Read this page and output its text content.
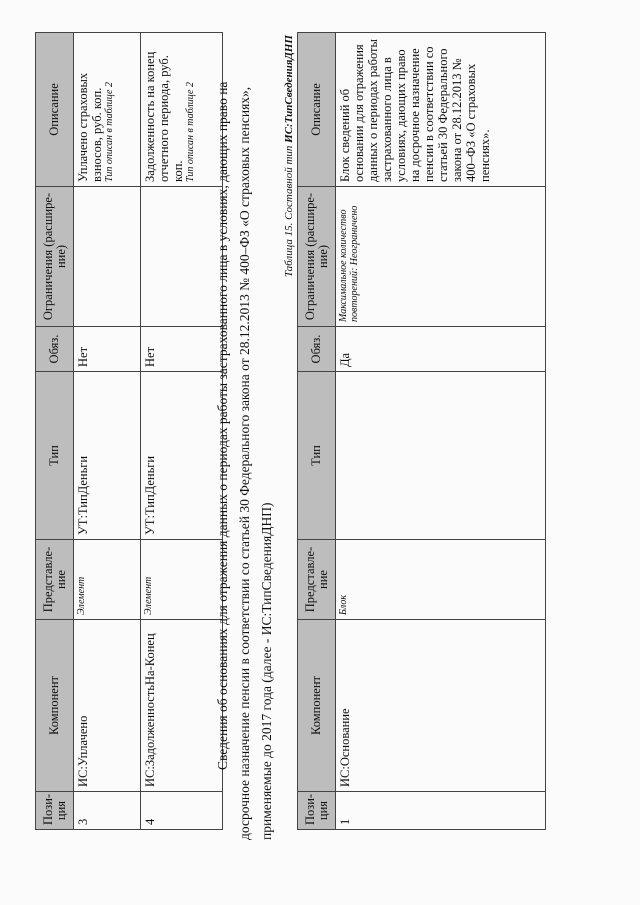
Пози-ция	Компонент	Представле-ние	Тип	Обяз.	Ограничения (расшире-ние)	Описание
3	ИС:Уплачено	Элемент	УТ:ТипДеньги	Нет		Уплачено страховых взносов, руб. коп. Тип описан в таблице 2

4	ИС:ЗадолженностьНа-Конец	Элемент	УТ:ТипДеньги	Нет		Задолженность на конец отчетного периода, руб. коп. Тип описан в таблице 2 Сведения об основаниях для отражения данных о периодах работы застрахованного лица в условиях, дающих право на досрочное назначение пенсии в соответствии со статьей 30 Федерального закона от 28.12.2013 № 400–ФЗ «О страховых пенсиях», применяемые до 2017 года (далее - ИС:ТипСведенияДНП)
Таблица 15. Составной тип ИС:ТипСведенияДНП
Пози-ция	Компонент	Представле-ние	Тип	Обяз.	Ограничения (расшире-ние)	Описание
1	ИС:Основание	Блок		Да	Максимальное количество повторений: Неограничено	Блок сведений об основании для отражения данных о периодах работы застрахованного лица в условиях, дающих право на досрочное назначение пенсии в соответствии со статьей 30 Федерального закона от 28.12.2013 № 400–ФЗ «О страховых пенсиях».
